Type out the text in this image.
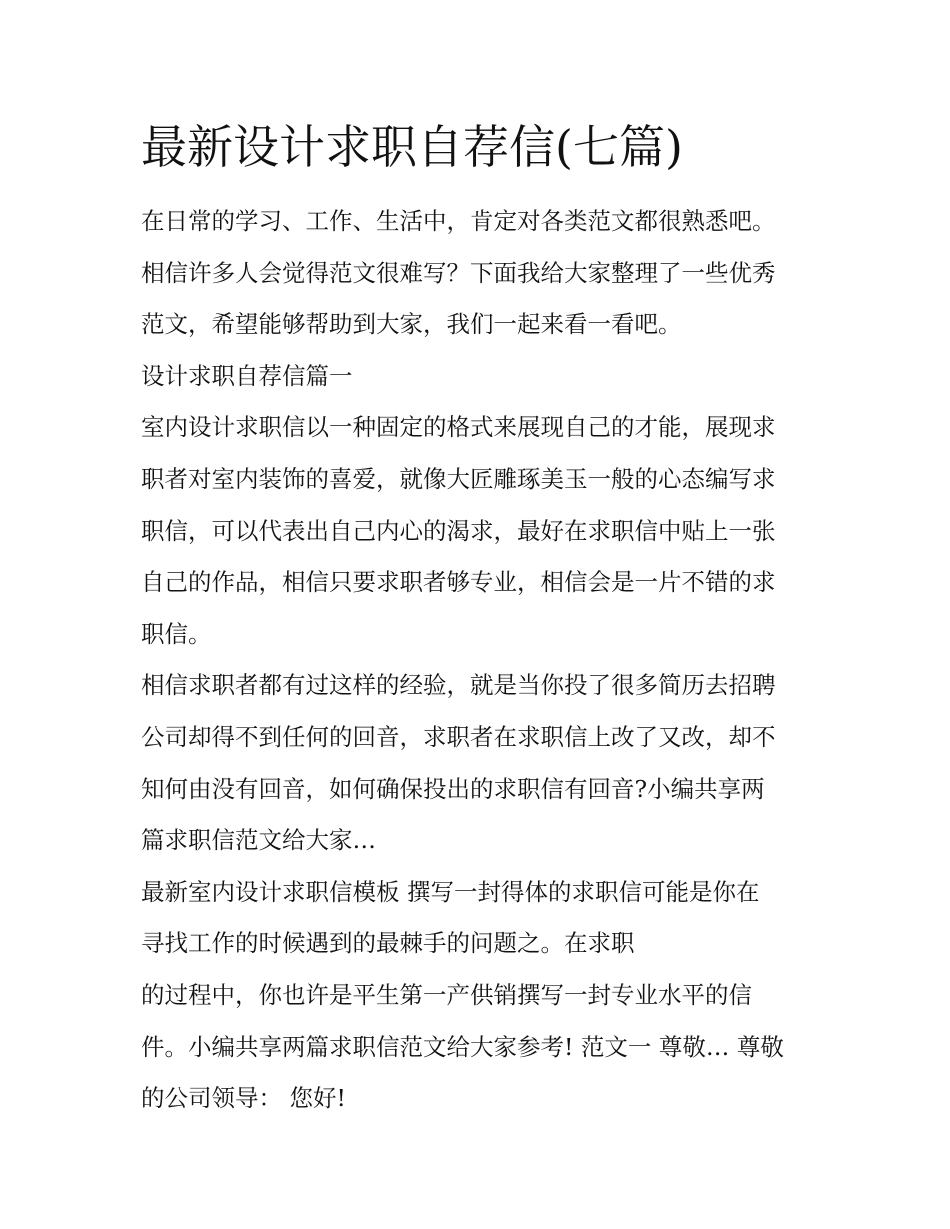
最新设计求职自荐信(七篇)
在日常的学习、工作、生活中，肯定对各类范文都很熟悉吧。
相信许多人会觉得范文很难写？下面我给大家整理了一些优秀
范文，希望能够帮助到大家，我们一起来看一看吧。
设计求职自荐信篇一
室内设计求职信以一种固定的格式来展现自己的才能，展现求
职者对室内装饰的喜爱，就像大匠雕琢美玉一般的心态编写求
职信，可以代表出自己内心的渴求，最好在求职信中贴上一张
自己的作品，相信只要求职者够专业，相信会是一片不错的求
职信。
相信求职者都有过这样的经验，就是当你投了很多简历去招聘
公司却得不到任何的回音，求职者在求职信上改了又改，却不
知何由没有回音，如何确保投出的求职信有回音?小编共享两
篇求职信范文给大家…
最新室内设计求职信模板 撰写一封得体的求职信可能是你在
寻找工作的时候遇到的最棘手的问题之。在求职
的过程中，你也许是平生第一产供销撰写一封专业水平的信
件。小编共享两篇求职信范文给大家参考! 范文一 尊敬… 尊敬
的公司领导： 您好!
